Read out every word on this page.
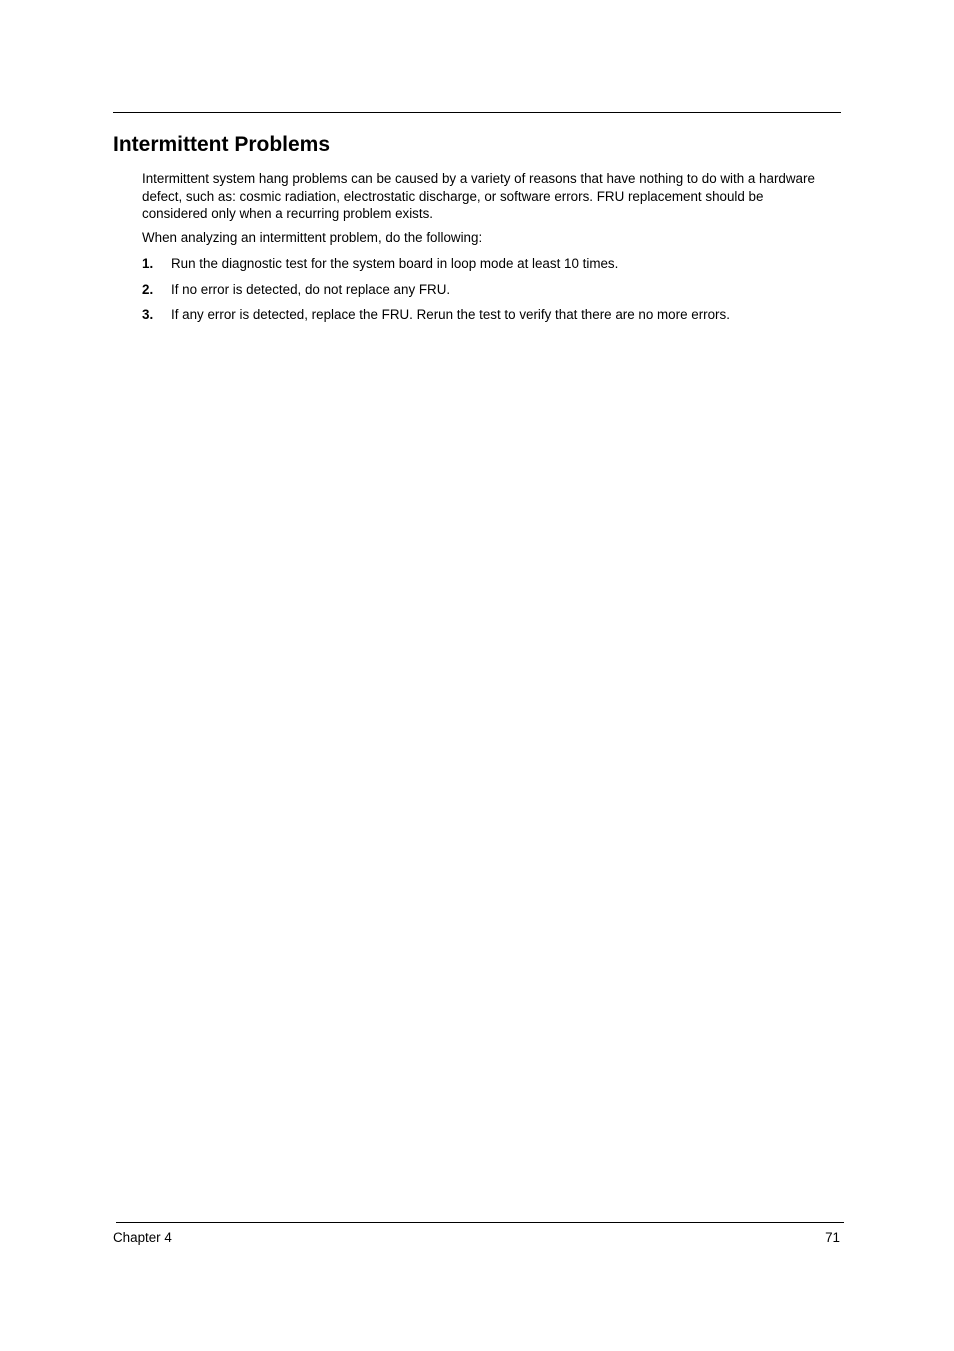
Intermittent Problems

Intermittent system hang problems can be caused by a variety of reasons that have nothing to do with a hardware defect, such as: cosmic radiation, electrostatic discharge, or software errors. FRU replacement should be considered only when a recurring problem exists.

When analyzing an intermittent problem, do the following:

1.	Run the diagnostic test for the system board in loop mode at least 10 times.
2.	If no error is detected, do not replace any FRU.
3.	If any error is detected, replace the FRU. Rerun the test to verify that there are no more errors.
Chapter 4	71
